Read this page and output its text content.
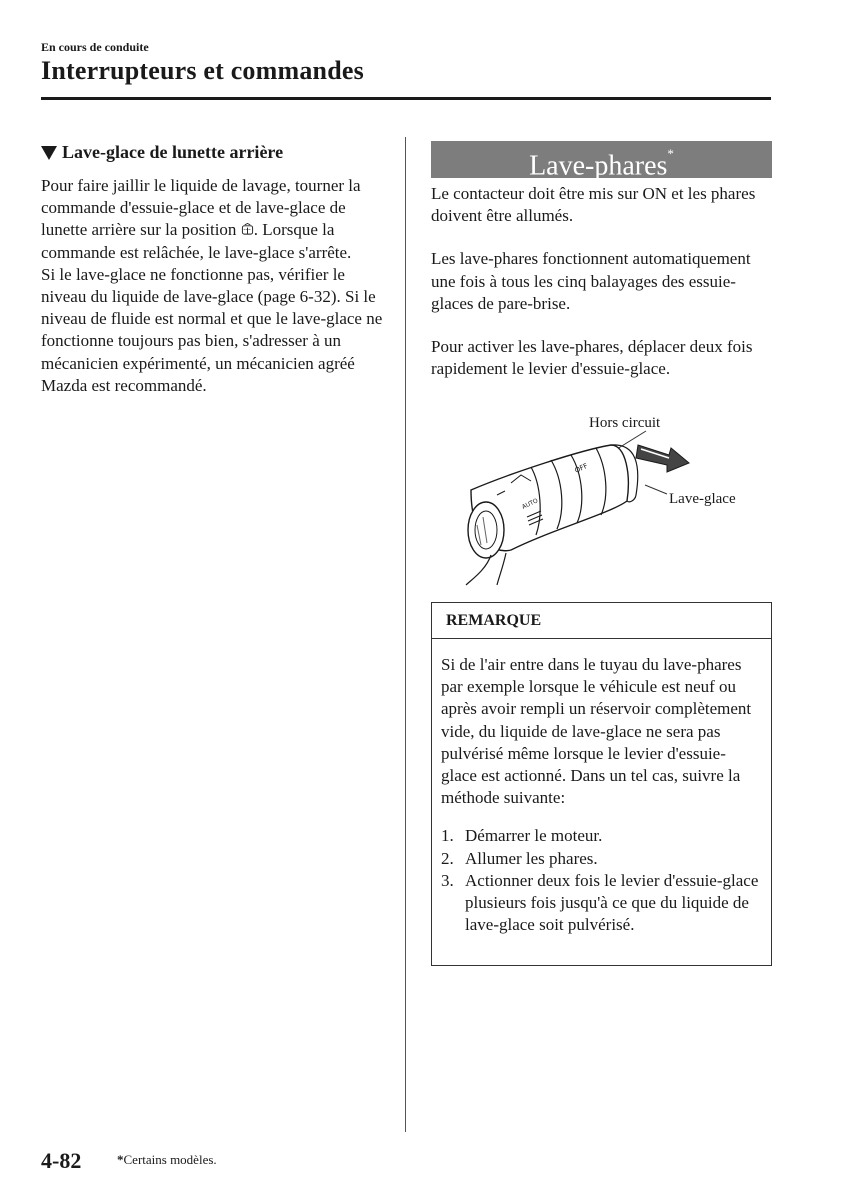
En cours de conduite
Interrupteurs et commandes
Lave-glace de lunette arrière
Pour faire jaillir le liquide de lavage, tourner la commande d'essuie-glace et de lave-glace de lunette arrière sur la position . Lorsque la commande est relâchée, le lave-glace s'arrête.
Si le lave-glace ne fonctionne pas, vérifier le niveau du liquide de lave-glace (page 6-32). Si le niveau de fluide est normal et que le lave-glace ne fonctionne toujours pas bien, s'adresser à un mécanicien expérimenté, un mécanicien agréé Mazda est recommandé.
Lave-phares*
Le contacteur doit être mis sur ON et les phares doivent être allumés.
Les lave-phares fonctionnent automatiquement une fois à tous les cinq balayages des essuie-glaces de pare-brise.
Pour activer les lave-phares, déplacer deux fois rapidement le levier d'essuie-glace.
OFF
AUTO
Hors circuit
Lave-glace
REMARQUE
Si de l'air entre dans le tuyau du lave-phares par exemple lorsque le véhicule est neuf ou après avoir rempli un réservoir complètement vide, du liquide de lave-glace ne sera pas pulvérisé même lorsque le levier d'essuie-glace est actionné. Dans un tel cas, suivre la méthode suivante:
1. Démarrer le moteur.
2. Allumer les phares.
3. Actionner deux fois le levier d'essuie-glace plusieurs fois jusqu'à ce que du liquide de lave-glace soit pulvérisé.
4-82	*Certains modèles.
